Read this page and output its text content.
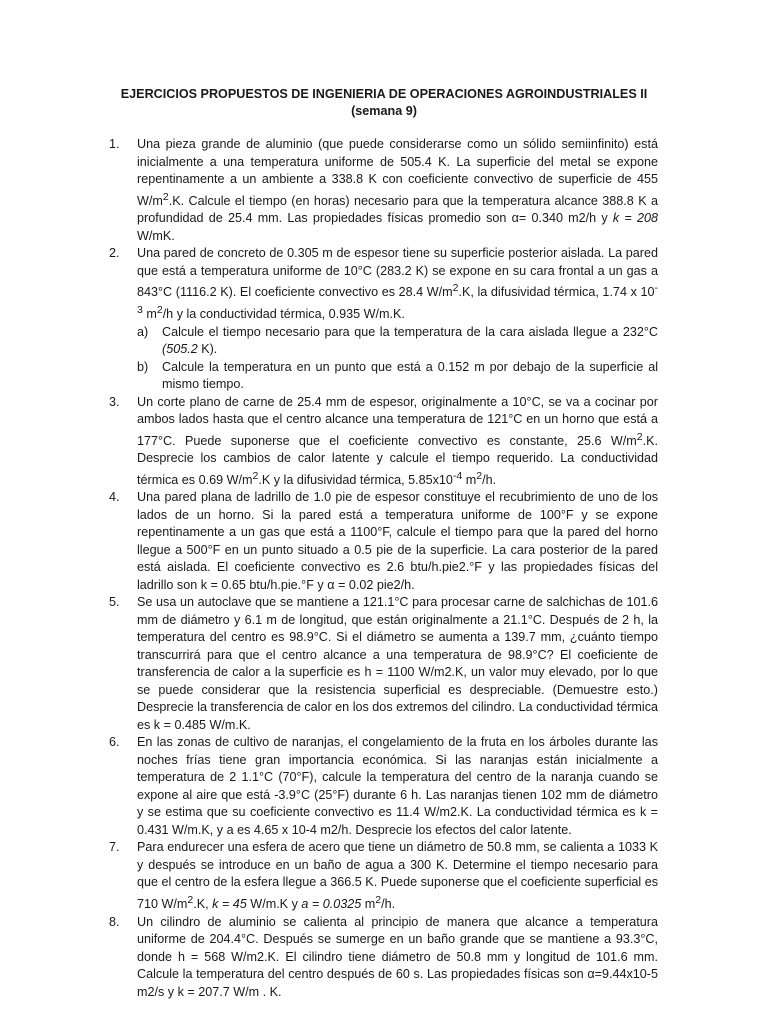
EJERCICIOS PROPUESTOS DE INGENIERIA DE OPERACIONES AGROINDUSTRIALES II
(semana 9)
1.	Una pieza grande de aluminio (que puede considerarse como un sólido semiinfinito) está inicialmente a una temperatura uniforme de 505.4 K. La superficie del metal se expone repentinamente a un ambiente a 338.8 K con coeficiente convectivo de superficie de 455 $W/m^2.K$. Calcule el tiempo (en horas) necesario para que la temperatura alcance 388.8 K a profundidad de 25.4 mm. Las propiedades físicas promedio son α= 0.340 m2/h y k = 208 W/mK.
2.	Una pared de concreto de 0.305 m de espesor tiene su superficie posterior aislada. La pared que está a temperatura uniforme de 10°C (283.2 K) se expone en su cara frontal a un gas a 843°C (1116.2 K). El coeficiente convectivo es 28.4 $W/m^2.K$, la difusividad térmica, 1.74 x $10^{-3}$ $m^2/h$ y la conductividad térmica, 0.935 W/m.K.
a)	Calcule el tiempo necesario para que la temperatura de la cara aislada llegue a 232°C (505.2 K).
b)	Calcule la temperatura en un punto que está a 0.152 m por debajo de la superficie al mismo tiempo.
3.	Un corte plano de carne de 25.4 mm de espesor, originalmente a 10°C, se va a cocinar por ambos lados hasta que el centro alcance una temperatura de 121°C en un horno que está a 177°C. Puede suponerse que el coeficiente convectivo es constante, 25.6 $W/m^2.K$. Desprecie los cambios de calor latente y calcule el tiempo requerido. La conductividad térmica es 0.69 $W/m^2.K$ y la difusividad térmica, $5.85x10^{-4}$ $m^2/h$.
4.	Una pared plana de ladrillo de 1.0 pie de espesor constituye el recubrimiento de uno de los lados de un horno. Si la pared está a temperatura uniforme de 100°F y se expone repentinamente a un gas que está a 1100°F, calcule el tiempo para que la pared del horno llegue a 500°F en un punto situado a 0.5 pie de la superficie. La cara posterior de la pared está aislada. El coeficiente convectivo es 2.6 btu/h.pie2.°F y las propiedades físicas del ladrillo son k = 0.65 btu/h.pie.°F y α = 0.02 pie2/h.
5.	Se usa un autoclave que se mantiene a 121.1°C para procesar carne de salchichas de 101.6 mm de diámetro y 6.1 m de longitud, que están originalmente a 21.1°C. Después de 2 h, la temperatura del centro es 98.9°C. Si el diámetro se aumenta a 139.7 mm, ¿cuánto tiempo transcurrirá para que el centro alcance a una temperatura de 98.9°C? El coeficiente de transferencia de calor a la superficie es h = 1100 W/m2.K, un valor muy elevado, por lo que se puede considerar que la resistencia superficial es despreciable. (Demuestre esto.) Desprecie la transferencia de calor en los dos extremos del cilindro. La conductividad térmica es k = 0.485 W/m.K.
6.	En las zonas de cultivo de naranjas, el congelamiento de la fruta en los árboles durante las noches frías tiene gran importancia económica. Si las naranjas están inicialmente a temperatura de 2 1.1°C (70°F), calcule la temperatura del centro de la naranja cuando se expone al aire que está -3.9°C (25°F) durante 6 h. Las naranjas tienen 102 mm de diámetro y se estima que su coeficiente convectivo es 11.4 W/m2.K. La conductividad térmica es k = 0.431 W/m.K, y a es 4.65 x 10-4 m2/h. Desprecie los efectos del calor latente.
7.	Para endurecer una esfera de acero que tiene un diámetro de 50.8 mm, se calienta a 1033 K y después se introduce en un baño de agua a 300 K. Determine el tiempo necesario para que el centro de la esfera llegue a 366.5 K. Puede suponerse que el coeficiente superficial es 710 $W/m^2.K$, k = 45 W/m.K y a = 0.0325 $m^2/h$.
8.	Un cilindro de aluminio se calienta al principio de manera que alcance a temperatura uniforme de 204.4°C. Después se sumerge en un baño grande que se mantiene a 93.3°C, donde h = 568 W/m2.K. El cilindro tiene diámetro de 50.8 mm y longitud de 101.6 mm. Calcule la temperatura del centro después de 60 s. Las propiedades físicas son α=9.44x10-5 m2/s y k = 207.7 W/m . K.
